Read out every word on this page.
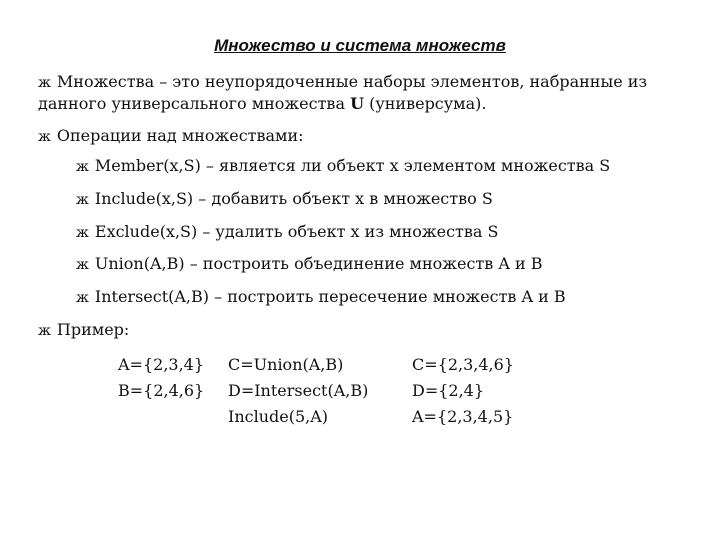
Множество и система множеств
ж Множества – это неупорядоченные наборы элементов, набранные из
данного универсального множества U (универсума).
ж Операции над множествами:
ж Member(x,S) – является ли объект x элементом множества S
ж Include(x,S) – добавить объект x в множество S
ж Exclude(x,S) – удалить объект x из множества S
ж Union(A,B) – построить объединение множеств A и B
ж Intersect(A,B) – построить пересечение множеств A и B
ж Пример:
A={2,3,4}
B={2,4,6}
C=Union(A,B)
D=Intersect(A,B)
Include(5,A)
C={2,3,4,6}
D={2,4}
A={2,3,4,5}
